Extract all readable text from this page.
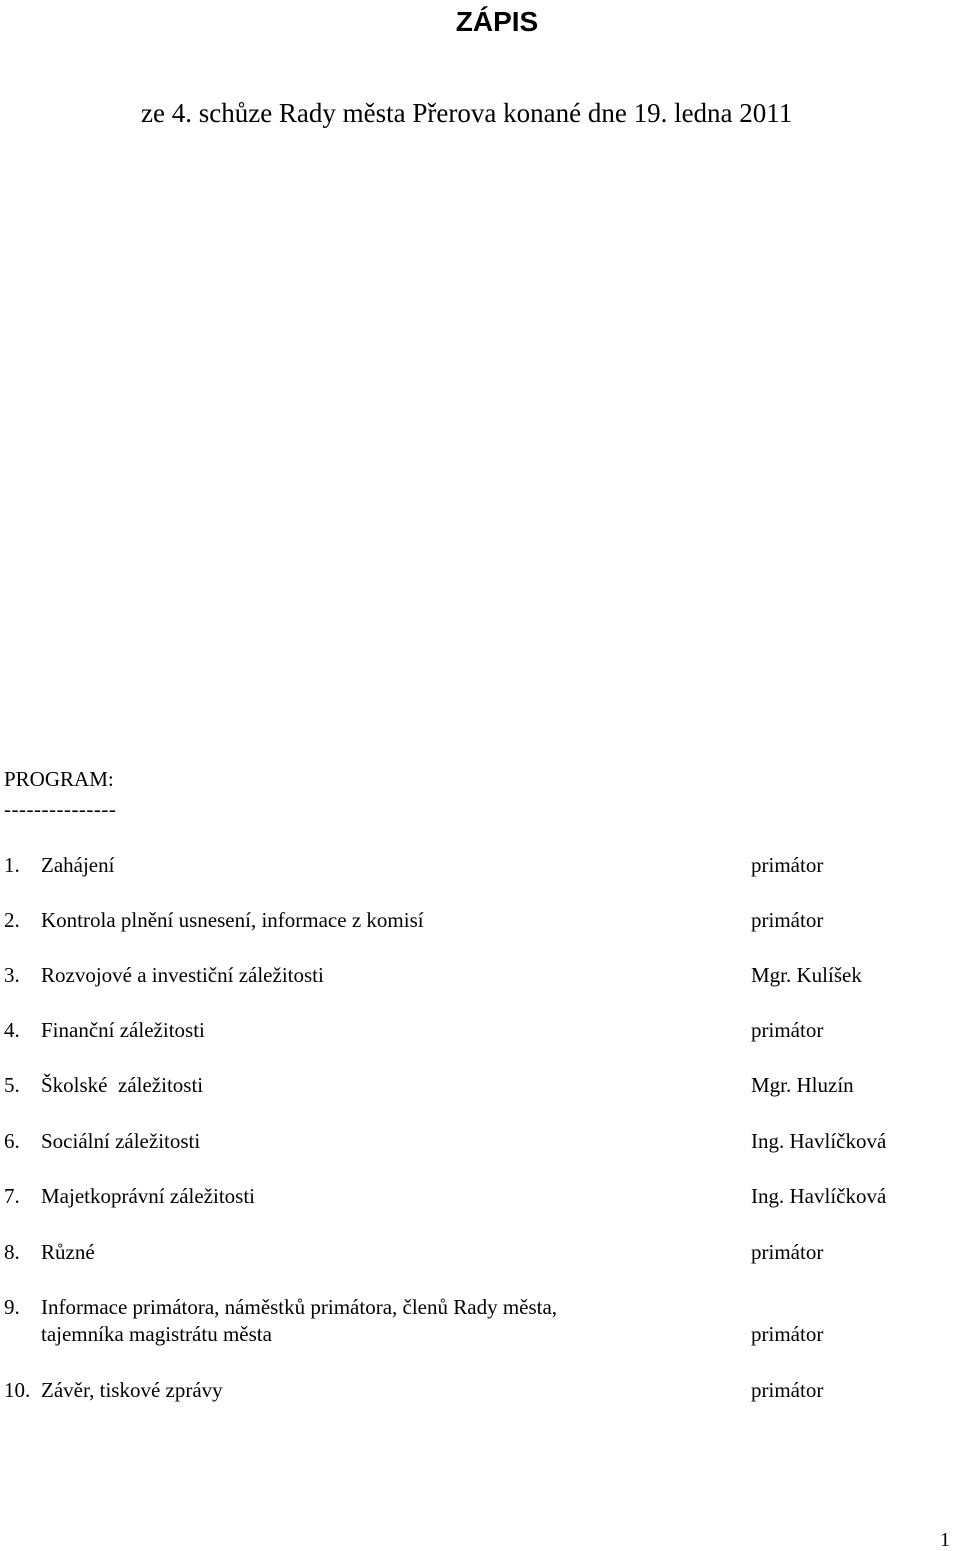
ZÁPIS
ze 4. schůze Rady města Přerova konané dne 19. ledna 2011
PROGRAM:
---------------
1. Zahájení	primátor
2. Kontrola plnění usnesení, informace z komisí	primátor
3. Rozvojové a investiční záležitosti	Mgr. Kulíšek
4. Finanční záležitosti	primátor
5. Školské  záležitosti	Mgr. Hluzín
6. Sociální záležitosti	Ing. Havlíčková
7. Majetkoprávní záležitosti	Ing. Havlíčková
8. Různé	primátor
9. Informace primátora, náměstků primátora, členů Rady města,
tajemníka magistrátu města	primátor
10. Závěr, tiskové zprávy	primátor
1
